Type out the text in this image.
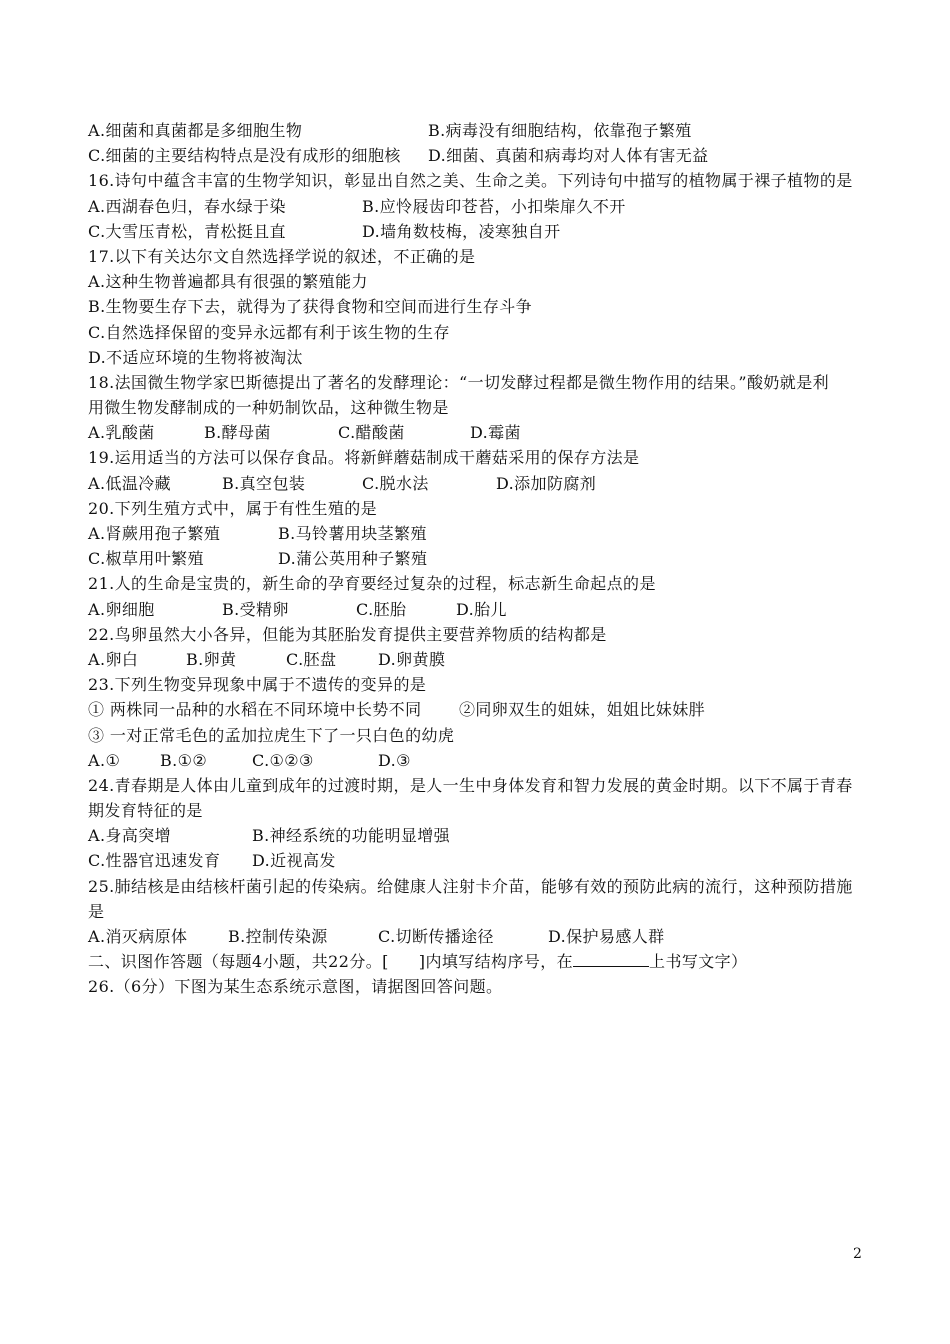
A.细菌和真菌都是多细胞生物	B.病毒没有细胞结构，依靠孢子繁殖
C.细菌的主要结构特点是没有成形的细胞核 D.细菌、真菌和病毒均对人体有害无益
16.诗句中蕴含丰富的生物学知识，彰显出自然之美、生命之美。下列诗句中描写的植物属于裸子植物的是
A.西湖春色归，春水绿于染	B.应怜屐齿印苍苔，小扣柴扉久不开
C.大雪压青松，青松挺且直	D.墙角数枝梅，凌寒独自开
17.以下有关达尔文自然选择学说的叙述，不正确的是
A.这种生物普遍都具有很强的繁殖能力
B.生物要生存下去，就得为了获得食物和空间而进行生存斗争
C.自然选择保留的变异永远都有利于该生物的生存
D.不适应环境的生物将被淘汰
18.法国微生物学家巴斯德提出了著名的发酵理论：“一切发酵过程都是微生物作用的结果。”酸奶就是利
用微生物发酵制成的一种奶制饮品，这种微生物是
A.乳酸菌	B.酵母菌	C.醋酸菌	D.霉菌
19.运用适当的方法可以保存食品。将新鲜蘑菇制成干蘑菇采用的保存方法是
A.低温冷藏	B.真空包装	C.脱水法	D.添加防腐剂
20.下列生殖方式中，属于有性生殖的是
A.肾蕨用孢子繁殖	B.马铃薯用块茎繁殖
C.椒草用叶繁殖	D.蒲公英用种子繁殖
21.人的生命是宝贵的，新生命的孕育要经过复杂的过程，标志新生命起点的是
A.卵细胞	B.受精卵	C.胚胎	D.胎儿
22.鸟卵虽然大小各异，但能为其胚胎发育提供主要营养物质的结构都是
A.卵白	B.卵黄	C.胚盘	D.卵黄膜
23.下列生物变异现象中属于不遗传的变异的是
① 两株同一品种的水稻在不同环境中长势不同 ②同卵双生的姐妹，姐姐比妹妹胖
③ 一对正常毛色的孟加拉虎生下了一只白色的幼虎
A.① B.①②	C.①②③	D.③
24.青春期是人体由儿童到成年的过渡时期，是人一生中身体发育和智力发展的黄金时期。以下不属于青春
期发育特征的是
A.身高突增	B.神经系统的功能明显增强
C.性器官迅速发育 D.近视高发
25.肺结核是由结核杆菌引起的传染病。给健康人注射卡介苗，能够有效的预防此病的流行，这种预防措施
是
A.消灭病原体	B.控制传染源	C.切断传播途径	D.保护易感人群
二、识图作答题（每题4小题，共22分。[ ]内填写结构序号，在	上书写文字）
26.（6分）下图为某生态系统示意图，请据图回答问题。
2
